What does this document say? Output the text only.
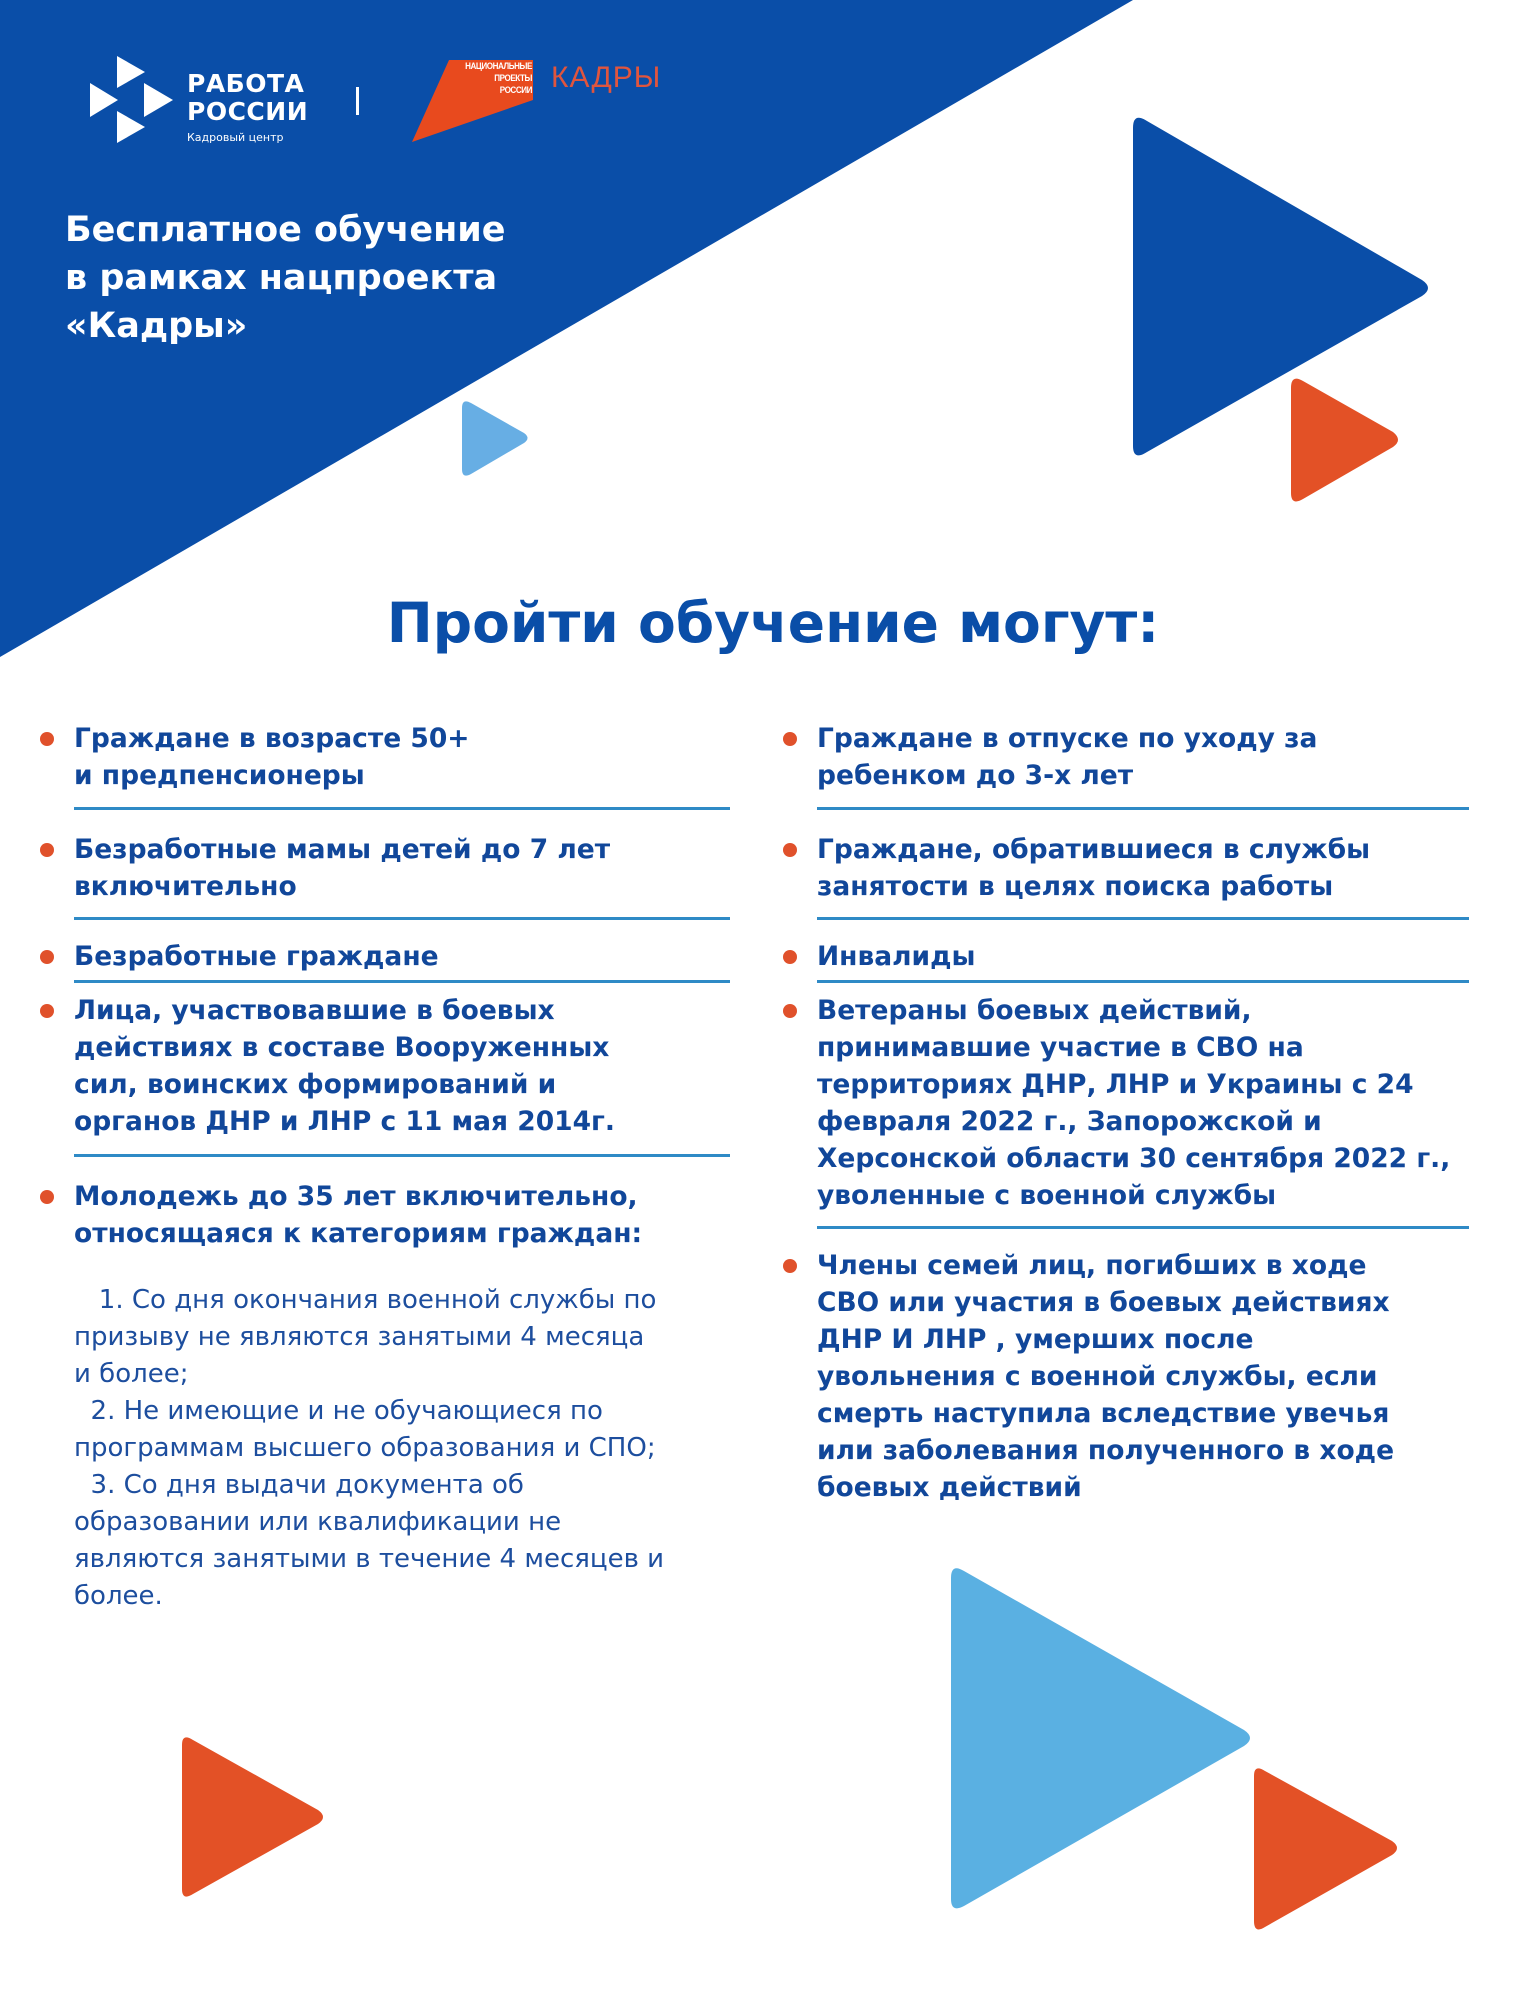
РАБОТА
РОССИИ
Кадровый центр
НАЦИОНАЛЬНЫЕ
ПРОЕКТЫ
РОССИИ КАДРЫ
Бесплатное обучение
в рамках нацпроекта
«Кадры»
Пройти обучение могут:
Граждане в возрасте 50+
и предпенсионеры
Безработные мамы детей до 7 лет
включительно
Безработные граждане
Лица, участвовавшие в боевых
действиях в составе Вооруженных
сил, воинских формирований и
органов ДНР и ЛНР с 11 мая 2014г.
Молодежь до 35 лет включительно,
относящаяся к категориям граждан:
1. Со дня окончания военной службы по
призыву не являются занятыми 4 месяца
и более;
2. Не имеющие и не обучающиеся по
программам высшего образования и СПО;
3. Со дня выдачи документа об
образовании или квалификации не
являются занятыми в течение 4 месяцев и
более.
Граждане в отпуске по уходу за
ребенком до 3-х лет
Граждане, обратившиеся в службы
занятости в целях поиска работы
Инвалиды
Ветераны боевых действий,
принимавшие участие в СВО на
территориях ДНР, ЛНР и Украины с 24
февраля 2022 г., Запорожской и
Херсонской области 30 сентября 2022 г.,
уволенные с военной службы
Члены семей лиц, погибших в ходе
СВО или участия в боевых действиях
ДНР И ЛНР , умерших после
увольнения с военной службы, если
смерть наступила вследствие увечья
или заболевания полученного в ходе
боевых действий
